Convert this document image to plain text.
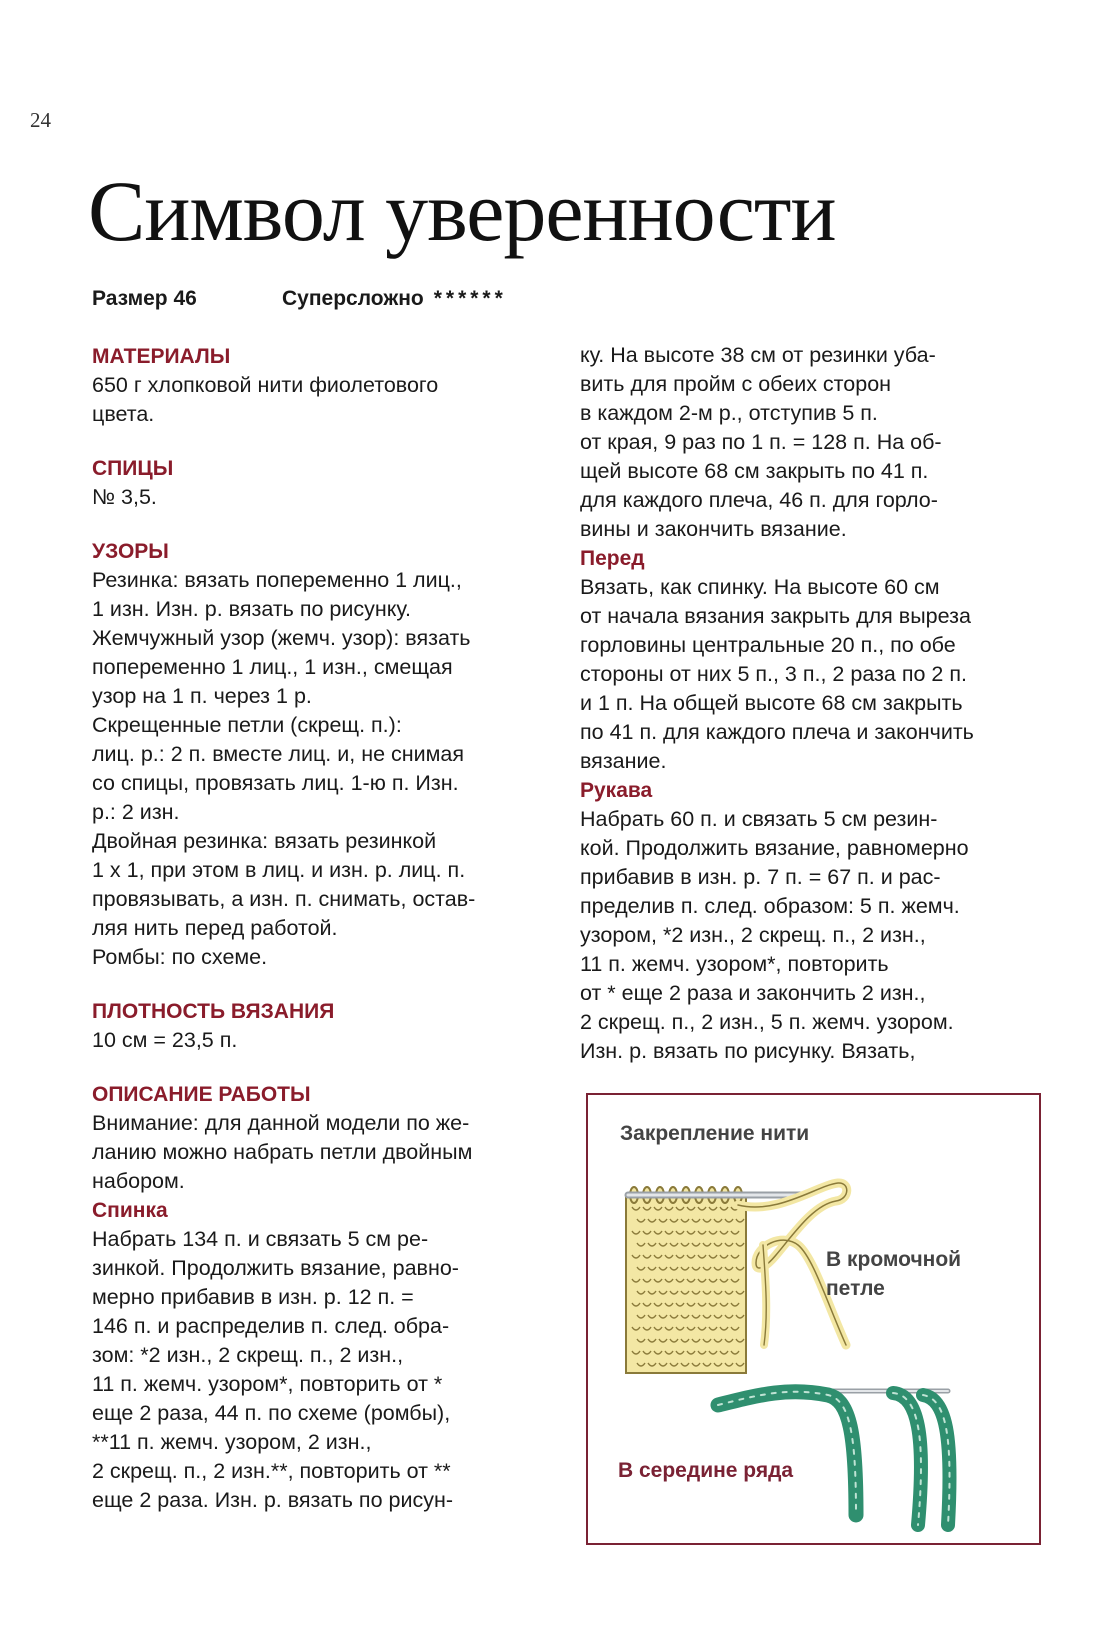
24
Символ уверенности
Размер 46	Суперсложно ******
МАТЕРИАЛЫ
650 г хлопковой нити фиолетового
цвета.
СПИЦЫ
№ 3,5.
УЗОРЫ
Резинка: вязать попеременно 1 лиц.,
1 изн. Изн. р. вязать по рисунку.
Жемчужный узор (жемч. узор): вязать
попеременно 1 лиц., 1 изн., смещая
узор на 1 п. через 1 р.
Скрещенные петли (скрещ. п.):
лиц. р.: 2 п. вместе лиц. и, не снимая
со спицы, провязать лиц. 1-ю п. Изн.
р.: 2 изн.
Двойная резинка: вязать резинкой
1 х 1, при этом в лиц. и изн. р. лиц. п.
провязывать, а изн. п. снимать, остав-
ляя нить перед работой.
Ромбы: по схеме.
ПЛОТНОСТЬ ВЯЗАНИЯ
10 см = 23,5 п.
ОПИСАНИЕ РАБОТЫ
Внимание: для данной модели по же-
ланию можно набрать петли двойным
набором.
Спинка
Набрать 134 п. и связать 5 см ре-
зинкой. Продолжить вязание, равно-
мерно прибавив в изн. р. 12 п. =
146 п. и распределив п. след. обра-
зом: *2 изн., 2 скрещ. п., 2 изн.,
11 п. жемч. узором*, повторить от *
еще 2 раза, 44 п. по схеме (ромбы),
**11 п. жемч. узором, 2 изн.,
2 скрещ. п., 2 изн.**, повторить от **
еще 2 раза. Изн. р. вязать по рисун-
ку. На высоте 38 см от резинки уба-
вить для пройм с обеих сторон
в каждом 2-м р., отступив 5 п.
от края, 9 раз по 1 п. = 128 п. На об-
щей высоте 68 см закрыть по 41 п.
для каждого плеча, 46 п. для горло-
вины и закончить вязание.
Перед
Вязать, как спинку. На высоте 60 см
от начала вязания закрыть для выреза
горловины центральные 20 п., по обе
стороны от них 5 п., 3 п., 2 раза по 2 п.
и 1 п. На общей высоте 68 см закрыть
по 41 п. для каждого плеча и закончить
вязание.
Рукава
Набрать 60 п. и связать 5 см резин-
кой. Продолжить вязание, равномерно
прибавив в изн. р. 7 п. = 67 п. и рас-
пределив п. след. образом: 5 п. жемч.
узором, *2 изн., 2 скрещ. п., 2 изн.,
11 п. жемч. узором*, повторить
от * еще 2 раза и закончить 2 изн.,
2 скрещ. п., 2 изн., 5 п. жемч. узором.
Изн. р. вязать по рисунку. Вязать,
Закрепление нити
В кромочной
петле
В середине ряда
